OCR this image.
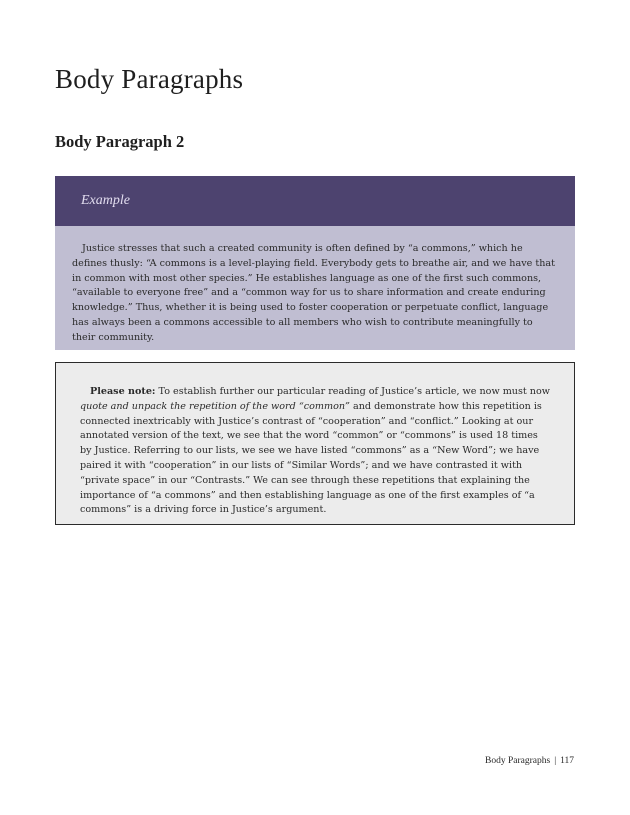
Body Paragraphs
Body Paragraph 2
Example

Justice stresses that such a created community is often defined by “a commons,” which he defines thusly: “A commons is a level-playing field. Everybody gets to breathe air, and we have that in common with most other species.” He establishes language as one of the first such commons, “available to everyone free” and a “common way for us to share information and create enduring knowledge.” Thus, whether it is being used to foster cooperation or perpetuate conflict, language has always been a commons accessible to all members who wish to contribute meaningfully to their community.

Please note: To establish further our particular reading of Justice’s article, we now must now quote and unpack the repetition of the word “common” and demonstrate how this repetition is connected inextricably with Justice’s contrast of “cooperation” and “conflict.” Looking at our annotated version of the text, we see that the word “common” or “commons” is used 18 times by Justice. Referring to our lists, we see we have listed “commons” as a “New Word”; we have paired it with “cooperation” in our lists of “Similar Words”; and we have contrasted it with “private space” in our “Contrasts.” We can see through these repetitions that explaining the importance of “a commons” and then establishing language as one of the first examples of “a commons” is a driving force in Justice’s argument.

Body Paragraphs | 117
